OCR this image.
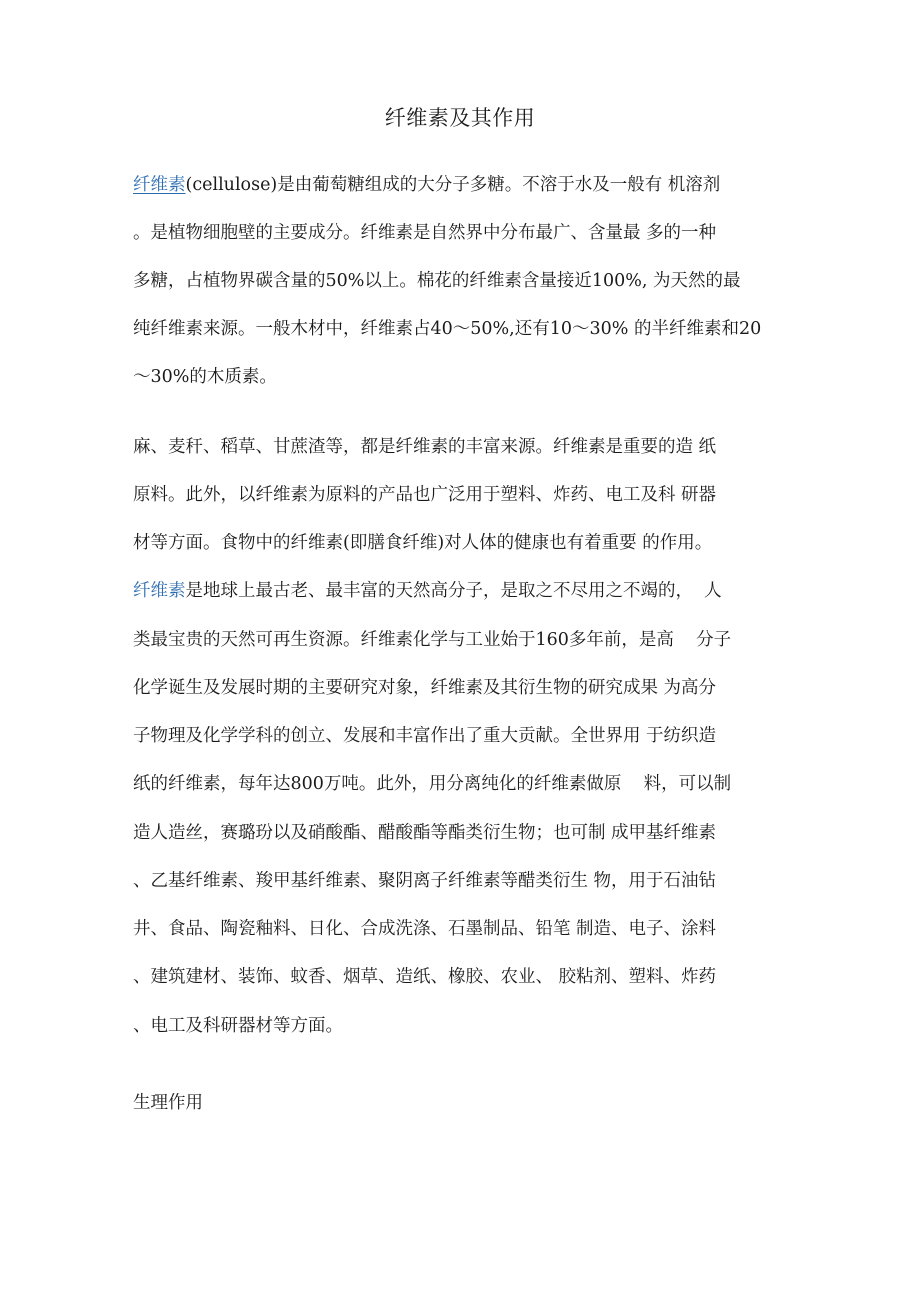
纤维素及其作用
纤维素(cellulose)是由葡萄糖组成的大分子多糖。不溶于水及一般有 机溶剂
。是植物细胞壁的主要成分。纤维素是自然界中分布最广、含量最 多的一种
多糖，占植物界碳含量的50%以上。棉花的纤维素含量接近100%, 为天然的最
纯纤维素来源。一般木材中，纤维素占40～50%,还有10～30% 的半纤维素和20
～30%的木质素。
麻、麦秆、稻草、甘蔗渣等，都是纤维素的丰富来源。纤维素是重要的造 纸
原料。此外，以纤维素为原料的产品也广泛用于塑料、炸药、电工及科 研器
材等方面。食物中的纤维素(即膳食纤维)对人体的健康也有着重要 的作用。
纤维素是地球上最古老、最丰富的天然高分子，是取之不尽用之不竭的，  人
类最宝贵的天然可再生资源。纤维素化学与工业始于160多年前，是高    分子
化学诞生及发展时期的主要研究对象，纤维素及其衍生物的研究成果 为高分
子物理及化学学科的创立、发展和丰富作出了重大贡献。全世界用 于纺织造
纸的纤维素，每年达800万吨。此外，用分离纯化的纤维素做原    料，可以制
造人造丝，赛璐玢以及硝酸酯、醋酸酯等酯类衍生物；也可制 成甲基纤维素
、乙基纤维素、羧甲基纤维素、聚阴离子纤维素等醋类衍生 物，用于石油钻
井、食品、陶瓷釉料、日化、合成洗涤、石墨制品、铅笔 制造、电子、涂料
、建筑建材、装饰、蚊香、烟草、造纸、橡胶、农业、 胶粘剂、塑料、炸药
、电工及科研器材等方面。
生理作用
